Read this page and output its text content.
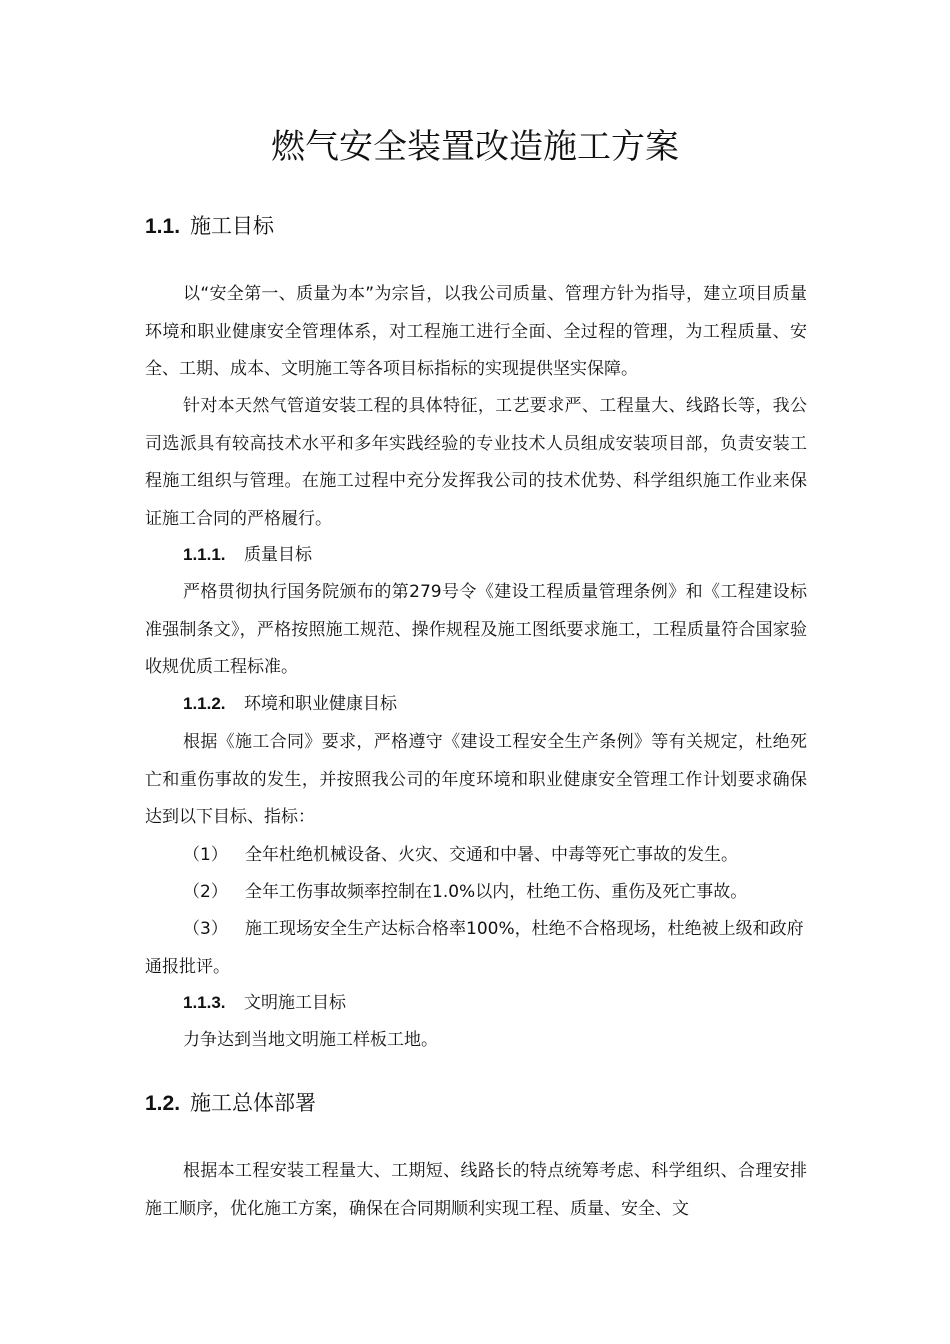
燃气安全装置改造施工方案
1.1. 施工目标

以“安全第一、质量为本”为宗旨，以我公司质量、管理方针为指导，建立项目质量环境和职业健康安全管理体系，对工程施工进行全面、全过程的管理，为工程质量、安全、工期、成本、文明施工等各项目标指标的实现提供坚实保障。

针对本天然气管道安装工程的具体特征，工艺要求严、工程量大、线路长等，我公司选派具有较高技术水平和多年实践经验的专业技术人员组成安装项目部，负责安装工程施工组织与管理。在施工过程中充分发挥我公司的技术优势、科学组织施工作业来保证施工合同的严格履行。

1.1.1. 质量目标

严格贯彻执行国务院颁布的第279号令《建设工程质量管理条例》和《工程建设标准强制条文》，严格按照施工规范、操作规程及施工图纸要求施工，工程质量符合国家验收规优质工程标准。

1.1.2. 环境和职业健康目标

根据《施工合同》要求，严格遵守《建设工程安全生产条例》等有关规定，杜绝死亡和重伤事故的发生，并按照我公司的年度环境和职业健康安全管理工作计划要求确保达到以下目标、指标：

（1） 全年杜绝机械设备、火灾、交通和中暑、中毒等死亡事故的发生。

（2） 全年工伤事故频率控制在1.0%以内，杜绝工伤、重伤及死亡事故。

（3） 施工现场安全生产达标合格率100%，杜绝不合格现场，杜绝被上级和政府通报批评。

1.1.3. 文明施工目标

力争达到当地文明施工样板工地。

1.2. 施工总体部署

根据本工程安装工程量大、工期短、线路长的特点统筹考虑、科学组织、合理安排施工顺序，优化施工方案，确保在合同期顺利实现工程、质量、安全、文
